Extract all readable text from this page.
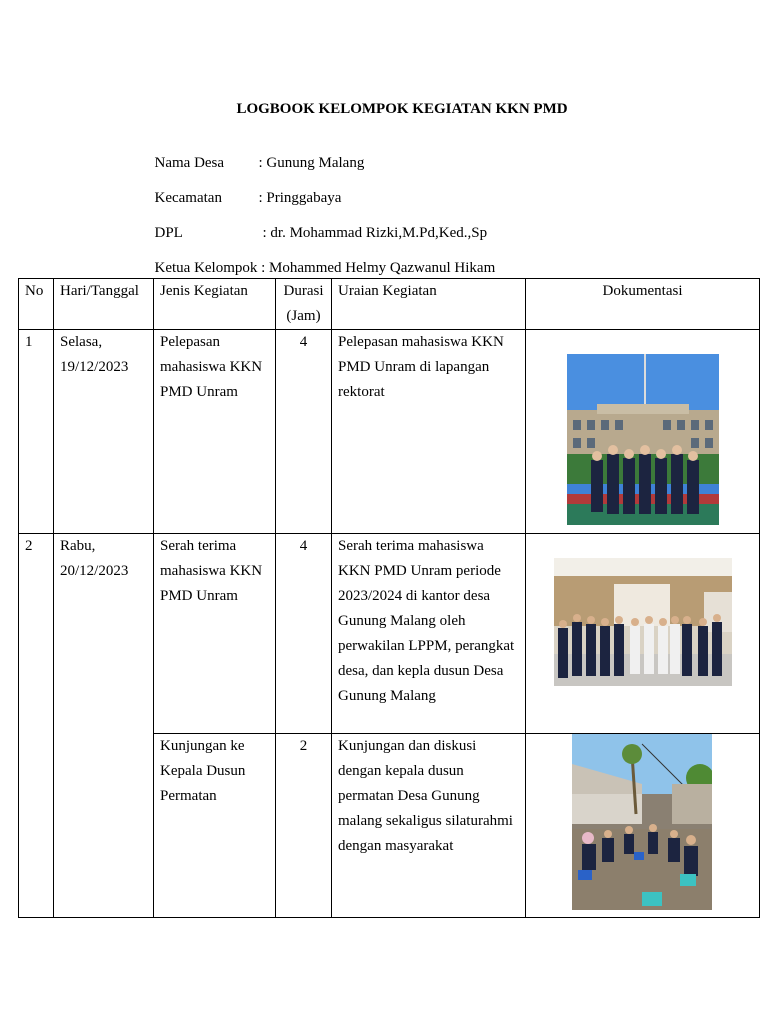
LOGBOOK KELOMPOK KEGIATAN KKN PMD

Nama Desa : Gunung Malang

Kecamatan : Pringgabaya

DPL	: dr. Mohammad Rizki,M.Pd,Ked.,Sp

Ketua Kelompok : Mohammed Helmy Qazwanul Hikam

No	Hari/Tanggal	Jenis Kegiatan	Durasi (Jam)	Uraian Kegiatan	Dokumentasi
1	Selasa, 19/12/2023	Pelepasan mahasiswa KKN PMD Unram	4	Pelepasan mahasiswa KKN PMD Unram di lapangan rektorat	

2	Rabu, 20/12/2023	Serah terima mahasiswa KKN PMD Unram	4	Serah terima mahasiswa KKN PMD Unram periode 2023/2024 di kantor desa Gunung Malang oleh perwakilan LPPM, perangkat desa, dan kepla dusun Desa Gunung Malang	

		Kunjungan ke Kepala Dusun Permatan	2	Kunjungan dan diskusi dengan kepala dusun permatan Desa Gunung malang sekaligus silaturahmi dengan masyarakat	
